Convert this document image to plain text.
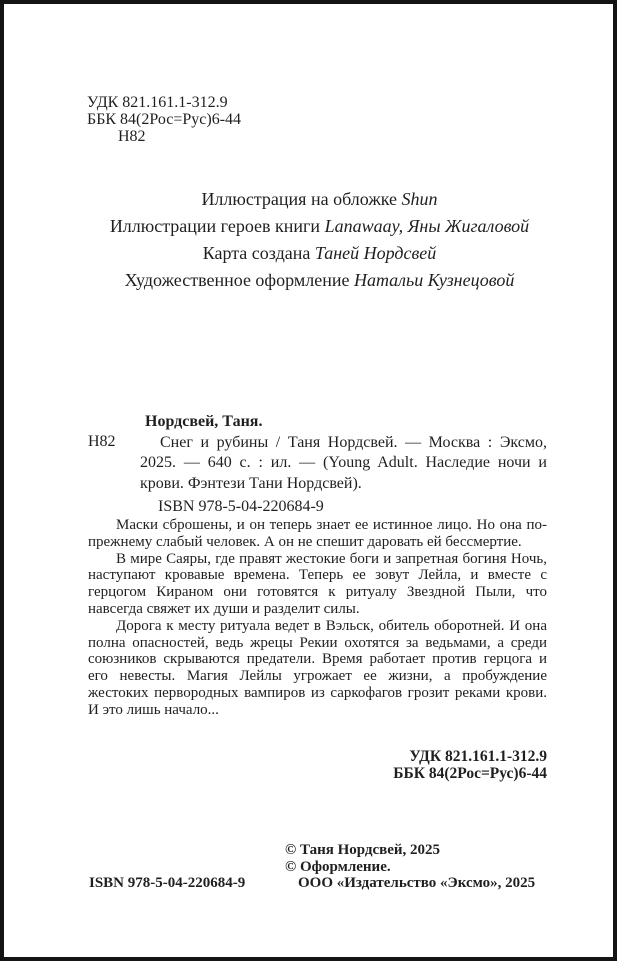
УДК 821.161.1-312.9
ББК 84(2Рос=Рус)6-44
Н82
Иллюстрация на обложке Shun
Иллюстрации героев книги Lanawaay, Яны Жигаловой
Карта создана Таней Нордсвей
Художественное оформление Натальи Кузнецовой
Нордсвей, Таня.

Снег и рубины / Таня Нордсвей. — Москва : Эксмо, 2025. — 640 с. : ил. — (Young Adult. Наследие ночи и крови. Фэнтези Тани Нордсвей).

ISBN 978-5-04-220684-9
Н82

Маски сброшены, и он теперь знает ее истинное лицо. Но она по-прежнему слабый человек. А он не спешит даровать ей бессмертие.

В мире Саяры, где правят жестокие боги и запретная богиня Ночь, наступают кровавые времена. Теперь ее зовут Лейла, и вместе с герцогом Кираном они готовятся к ритуалу Звездной Пыли, что навсегда свяжет их души и разделит силы.

Дорога к месту ритуала ведет в Вэльск, обитель оборотней. И она полна опасностей, ведь жрецы Рекии охотятся за ведьмами, а среди союзников скрываются предатели. Время работает против герцога и его невесты. Магия Лейлы угрожает ее жизни, а пробуждение жестоких первородных вампиров из саркофагов грозит реками крови. И это лишь начало...

УДК 821.161.1-312.9
ББК 84(2Рос=Рус)6-44
© Таня Нордсвей, 2025
© Оформление.
ООО «Издательство «Эксмо», 2025
ISBN 978-5-04-220684-9
